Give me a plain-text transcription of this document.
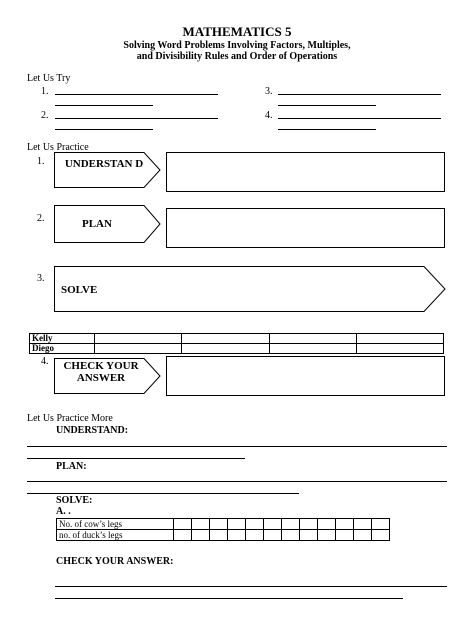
MATHEMATICS 5
Solving Word Problems Involving Factors, Multiples,
and Divisibility Rules and Order of Operations
Let Us Try
1.
2.
3.
4.
Let Us Practice
1. UNDERSTAN D
2.	PLAN
3.
SOLVE
Kelly				
Diego				
4.	CHECK YOUR ANSWER
Let Us Practice More
UNDERSTAND:
PLAN:
SOLVE:
A. .
No. of cow’s legs												
no. of duck’s legs												
CHECK YOUR ANSWER:
